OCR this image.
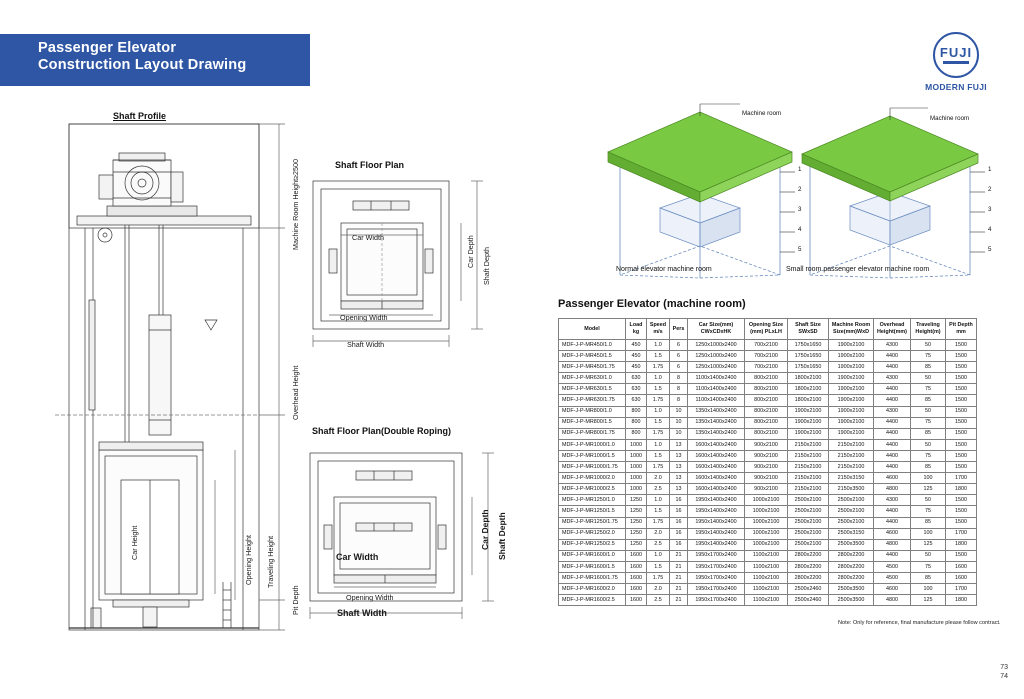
Passenger Elevator
Construction Layout Drawing
FUJI
MODERN FUJI
Shaft Profile
Machine Room Height≥2500
Overhead Height
Pit Depth
Traveling Height
Opening Height
Car Height
Shaft Floor Plan
Car Width
Opening Width
Shaft Width
Car Depth Shaft Depth
Shaft Floor Plan(Double Roping)
Car Width
Opening Width
Shaft Width
Car Depth Shaft Depth
Machine room
1
2
3
4
5
Normal elevator machine room
Machine room
1
2
3
4
5
Small room passenger elevator machine room
Passenger Elevator (machine room)
Model

Load
kg

Speed
m/s

Pers

Car Size(mm)
CWxCDxHK

Opening Size
(mm) PLxLH

Shaft Size
SWxSD

Machine Room
Size(mm)WxD

Overhead
Height(mm)

Traveling
Height(m)

Pit Depth
mm

MDF-J-P-MR450/1.0	450	1.0	6	1250x1000x2400	700x2100	1750x1650	1900x2100	4300	50	1500
MDF-J-P-MR450/1.5	450	1.5	6	1250x1000x2400	700x2100	1750x1650	1900x2100	4400	75	1500
MDF-J-P-MR450/1.75	450	1.75	6	1250x1000x2400	700x2100	1750x1650	1900x2100	4400	85	1500
MDF-J-P-MR630/1.0	630	1.0	8	1100x1400x2400	800x2100	1800x2100	1900x2100	4300	50	1500
MDF-J-P-MR630/1.5	630	1.5	8	1100x1400x2400	800x2100	1800x2100	1900x2100	4400	75	1500
MDF-J-P-MR630/1.75	630	1.75	8	1100x1400x2400	800x2100	1800x2100	1900x2100	4400	85	1500
MDF-J-P-MR800/1.0	800	1.0	10	1350x1400x2400	800x2100	1900x2100	1900x2100	4300	50	1500
MDF-J-P-MR800/1.5	800	1.5	10	1350x1400x2400	800x2100	1900x2100	1900x2100	4400	75	1500
MDF-J-P-MR800/1.75	800	1.75	10	1350x1400x2400	800x2100	1900x2100	1900x2100	4400	85	1500
MDF-J-P-MR1000/1.0	1000	1.0	13	1600x1400x2400	900x2100	2150x2100	2150x2100	4400	50	1500
MDF-J-P-MR1000/1.5	1000	1.5	13	1600x1400x2400	900x2100	2150x2100	2150x2100	4400	75	1500
MDF-J-P-MR1000/1.75	1000	1.75	13	1600x1400x2400	900x2100	2150x2100	2150x2100	4400	85	1500
MDF-J-P-MR1000/2.0	1000	2.0	13	1600x1400x2400	900x2100	2150x2100	2150x3150	4600	100	1700
MDF-J-P-MR1000/2.5	1000	2.5	13	1600x1400x2400	900x2100	2150x2100	2150x3500	4800	125	1800
MDF-J-P-MR1250/1.0	1250	1.0	16	1950x1400x2400	1000x2100	2500x2100	2500x2100	4300	50	1500
MDF-J-P-MR1250/1.5	1250	1.5	16	1950x1400x2400	1000x2100	2500x2100	2500x2100	4400	75	1500
MDF-J-P-MR1250/1.75	1250	1.75	16	1950x1400x2400	1000x2100	2500x2100	2500x2100	4400	85	1500
MDF-J-P-MR1250/2.0	1250	2.0	16	1950x1400x2400	1000x2100	2500x2100	2500x3150	4600	100	1700
MDF-J-P-MR1250/2.5	1250	2.5	16	1950x1400x2400	1000x2100	2500x2100	2500x3500	4800	125	1800
MDF-J-P-MR1600/1.0	1600	1.0	21	1950x1700x2400	1100x2100	2800x2200	2800x2200	4400	50	1500
MDF-J-P-MR1600/1.5	1600	1.5	21	1950x1700x2400	1100x2100	2800x2200	2800x2200	4500	75	1600
MDF-J-P-MR1600/1.75	1600	1.75	21	1950x1700x2400	1100x2100	2800x2200	2800x2200	4500	85	1600
MDF-J-P-MR1600/2.0	1600	2.0	21	1950x1700x2400	1100x2100	2500x2460	2500x3500	4600	100	1700
MDF-J-P-MR1600/2.5	1600	2.5	21	1950x1700x2400	1100x2100	2500x2460	2500x3500	4800	125	1800
Note: Only for reference, final manufacture please follow contract.
73
74
